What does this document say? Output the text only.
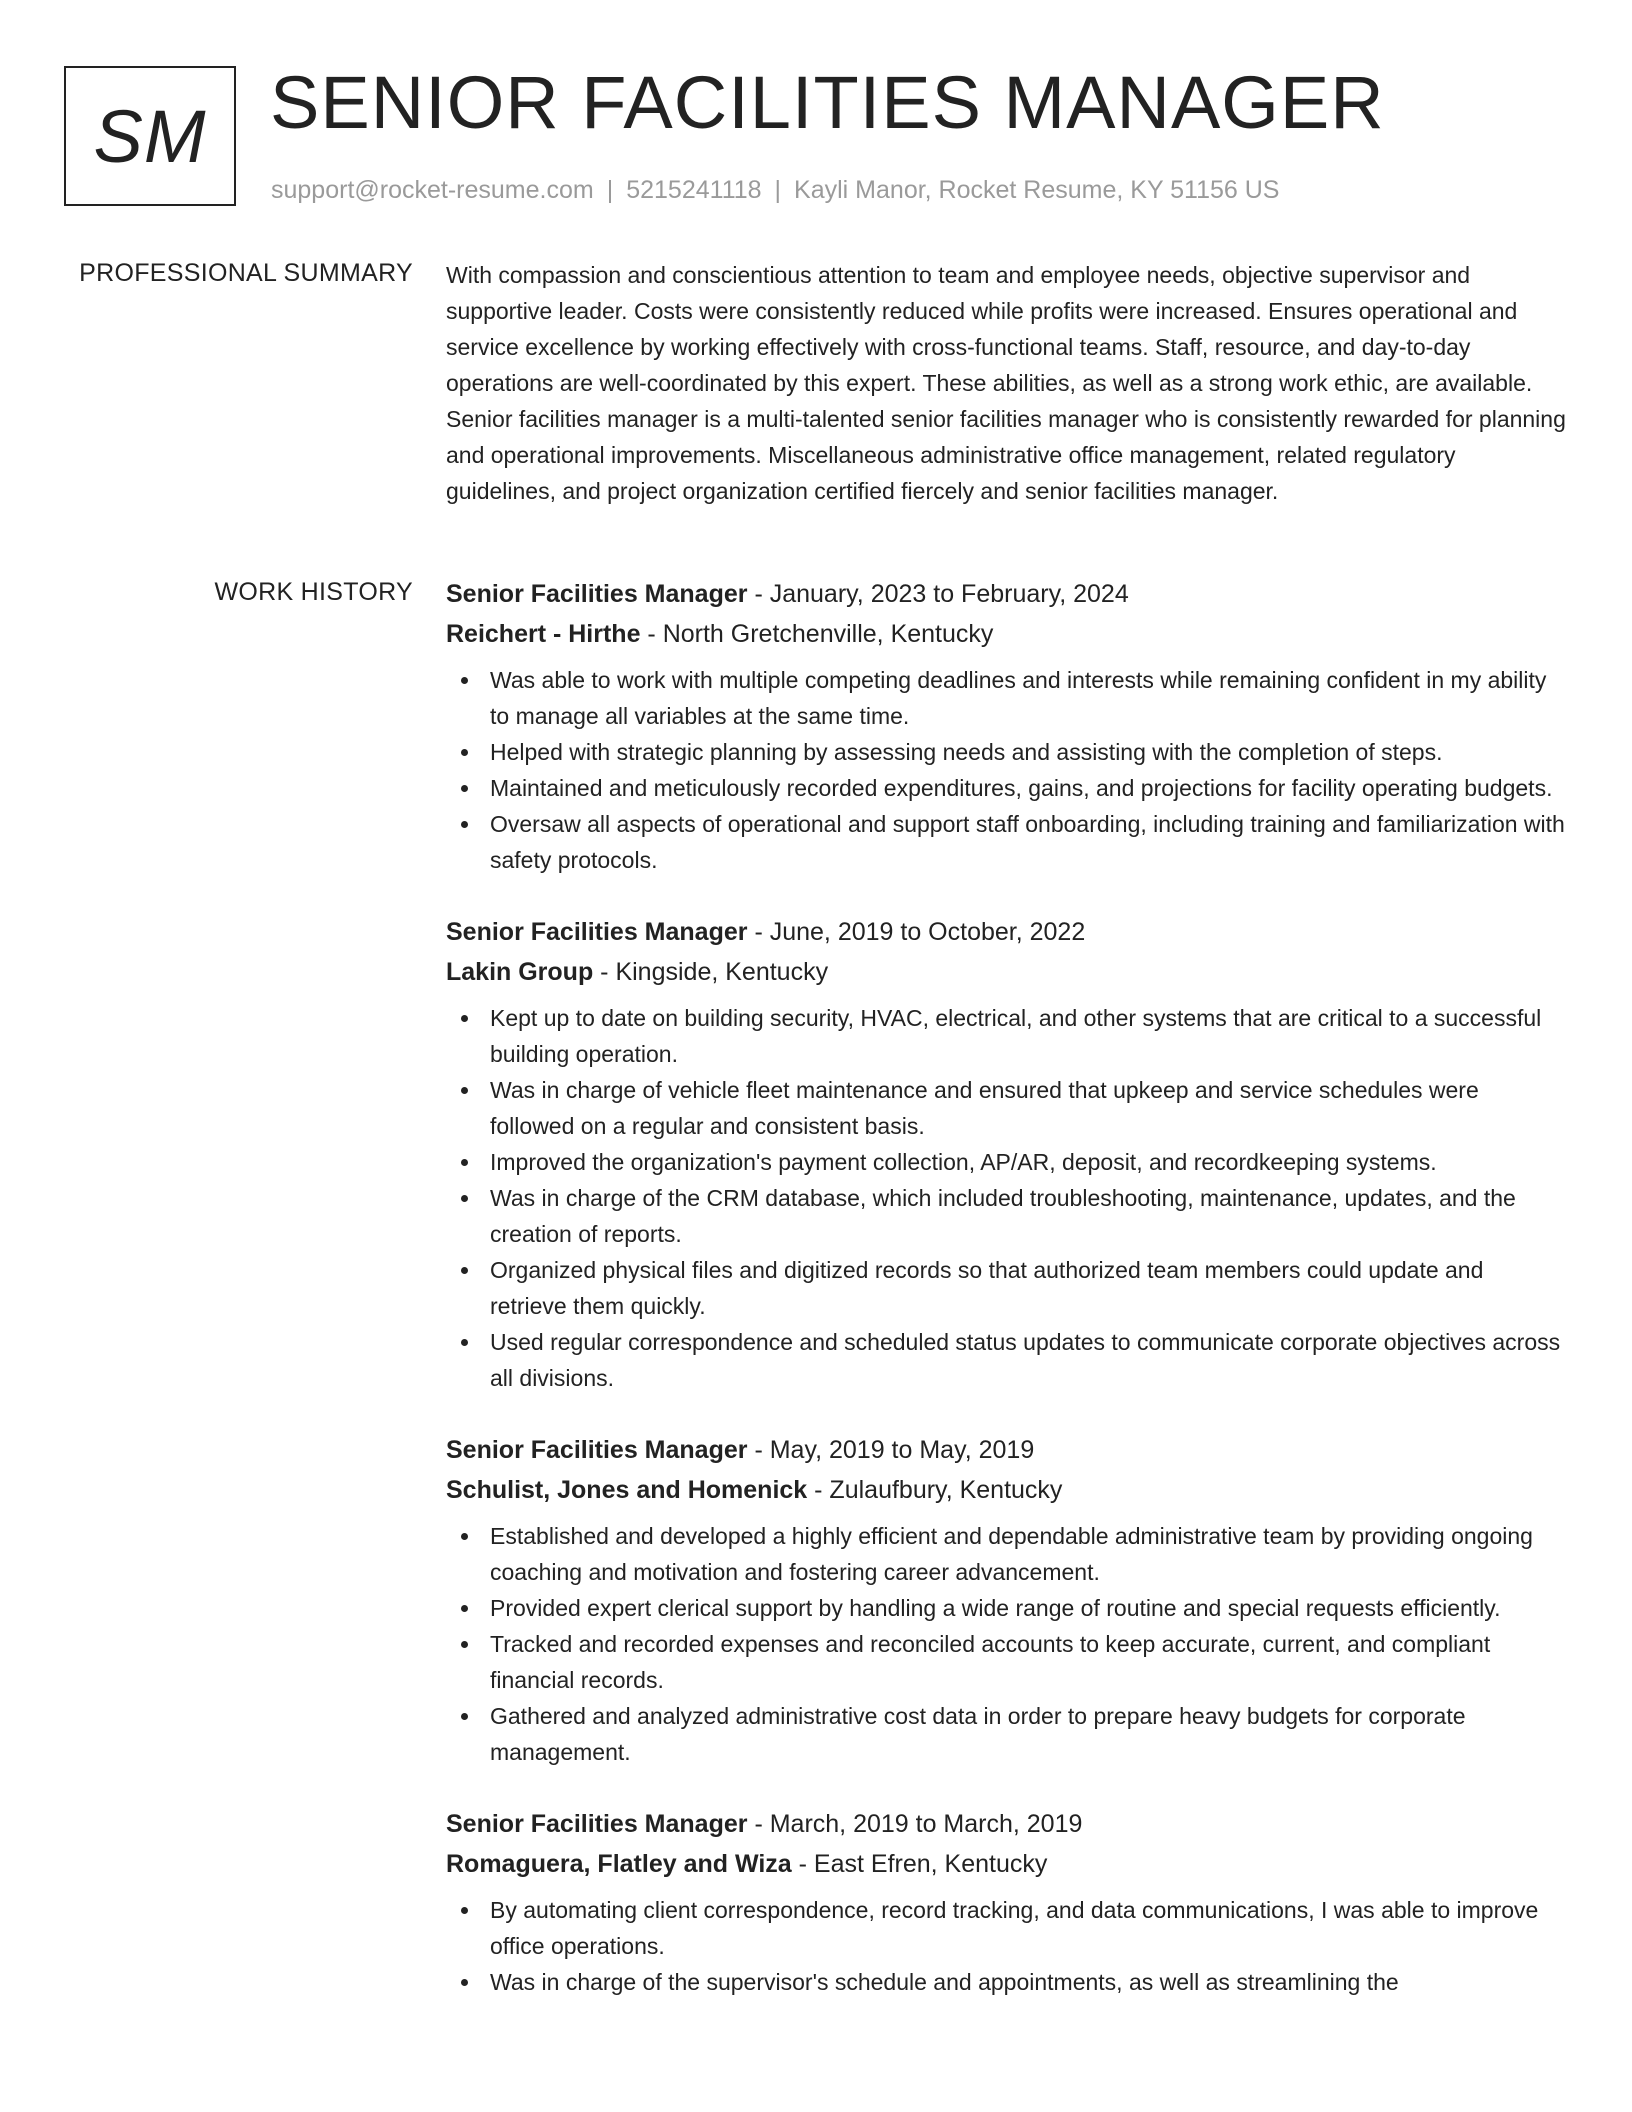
SM SENIOR FACILITIES MANAGER
support@rocket-resume.com | 5215241118 | Kayli Manor, Rocket Resume, KY 51156 US
PROFESSIONAL SUMMARY With compassion and conscientious attention to team and employee needs, objective supervisor and supportive leader. Costs were consistently reduced while profits were increased. Ensures operational and service excellence by working effectively with cross-functional teams. Staff, resource, and day-to-day operations are well-coordinated by this expert. These abilities, as well as a strong work ethic, are available. Senior facilities manager is a multi-talented senior facilities manager who is consistently rewarded for planning and operational improvements. Miscellaneous administrative office management, related regulatory guidelines, and project organization certified fiercely and senior facilities manager.

WORK HISTORY Senior Facilities Manager - January, 2023 to February, 2024
Reichert - Hirthe - North Gretchenville, Kentucky
Was able to work with multiple competing deadlines and interests while remaining confident in my ability to manage all variables at the same time.
Helped with strategic planning by assessing needs and assisting with the completion of steps.
Maintained and meticulously recorded expenditures, gains, and projections for facility operating budgets.
Oversaw all aspects of operational and support staff onboarding, including training and familiarization with safety protocols.
Senior Facilities Manager - June, 2019 to October, 2022
Lakin Group - Kingside, Kentucky
Kept up to date on building security, HVAC, electrical, and other systems that are critical to a successful building operation.
Was in charge of vehicle fleet maintenance and ensured that upkeep and service schedules were followed on a regular and consistent basis.
Improved the organization's payment collection, AP/AR, deposit, and recordkeeping systems.
Was in charge of the CRM database, which included troubleshooting, maintenance, updates, and the creation of reports.
Organized physical files and digitized records so that authorized team members could update and retrieve them quickly.
Used regular correspondence and scheduled status updates to communicate corporate objectives across all divisions.
Senior Facilities Manager - May, 2019 to May, 2019
Schulist, Jones and Homenick - Zulaufbury, Kentucky
Established and developed a highly efficient and dependable administrative team by providing ongoing coaching and motivation and fostering career advancement.
Provided expert clerical support by handling a wide range of routine and special requests efficiently.
Tracked and recorded expenses and reconciled accounts to keep accurate, current, and compliant financial records.
Gathered and analyzed administrative cost data in order to prepare heavy budgets for corporate management.
Senior Facilities Manager - March, 2019 to March, 2019
Romaguera, Flatley and Wiza - East Efren, Kentucky
By automating client correspondence, record tracking, and data communications, I was able to improve office operations.
Was in charge of the supervisor's schedule and appointments, as well as streamlining the
